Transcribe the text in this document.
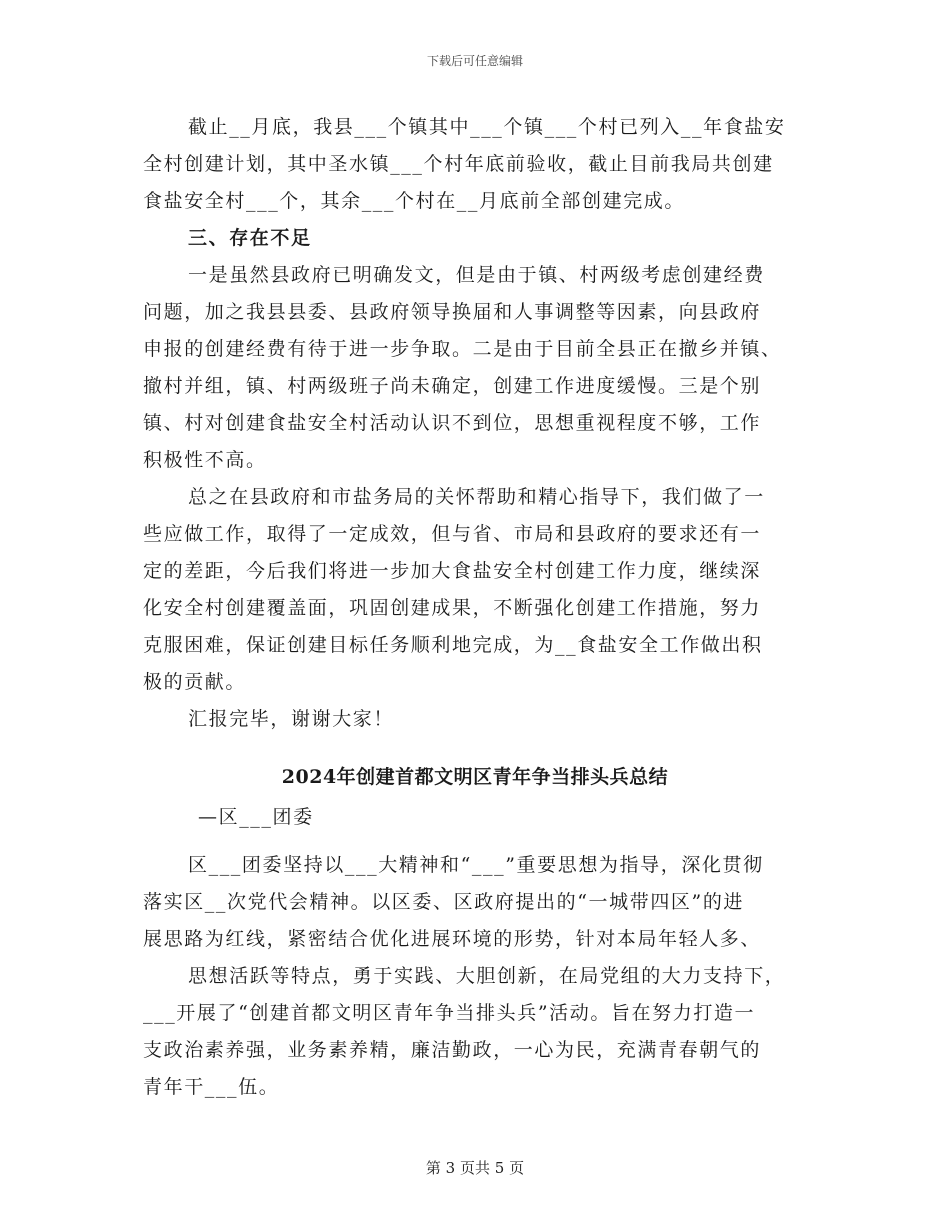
下载后可任意编辑
截止__月底，我县___个镇其中___个镇___个村已列入__年食盐安
全村创建计划，其中圣水镇___个村年底前验收，截止目前我局共创建
食盐安全村___个，其余___个村在__月底前全部创建完成。
三、存在不足
一是虽然县政府已明确发文，但是由于镇、村两级考虑创建经费
问题，加之我县县委、县政府领导换届和人事调整等因素，向县政府
申报的创建经费有待于进一步争取。二是由于目前全县正在撤乡并镇、
撤村并组，镇、村两级班子尚未确定，创建工作进度缓慢。三是个别
镇、村对创建食盐安全村活动认识不到位，思想重视程度不够，工作
积极性不高。
总之在县政府和市盐务局的关怀帮助和精心指导下，我们做了一
些应做工作，取得了一定成效，但与省、市局和县政府的要求还有一
定的差距，今后我们将进一步加大食盐安全村创建工作力度，继续深
化安全村创建覆盖面，巩固创建成果，不断强化创建工作措施，努力
克服困难，保证创建目标任务顺利地完成，为__食盐安全工作做出积
极的贡献。
汇报完毕，谢谢大家！
2024年创建首都文明区青年争当排头兵总结
—区___团委
区___团委坚持以___大精神和“___”重要思想为指导，深化贯彻
落实区__次党代会精神。以区委、区政府提出的“一城带四区”的进
展思路为红线，紧密结合优化进展环境的形势，针对本局年轻人多、
思想活跃等特点，勇于实践、大胆创新，在局党组的大力支持下，
___开展了“创建首都文明区青年争当排头兵”活动。旨在努力打造一
支政治素养强，业务素养精，廉洁勤政，一心为民，充满青春朝气的
青年干___伍。
第 3 页共 5 页
